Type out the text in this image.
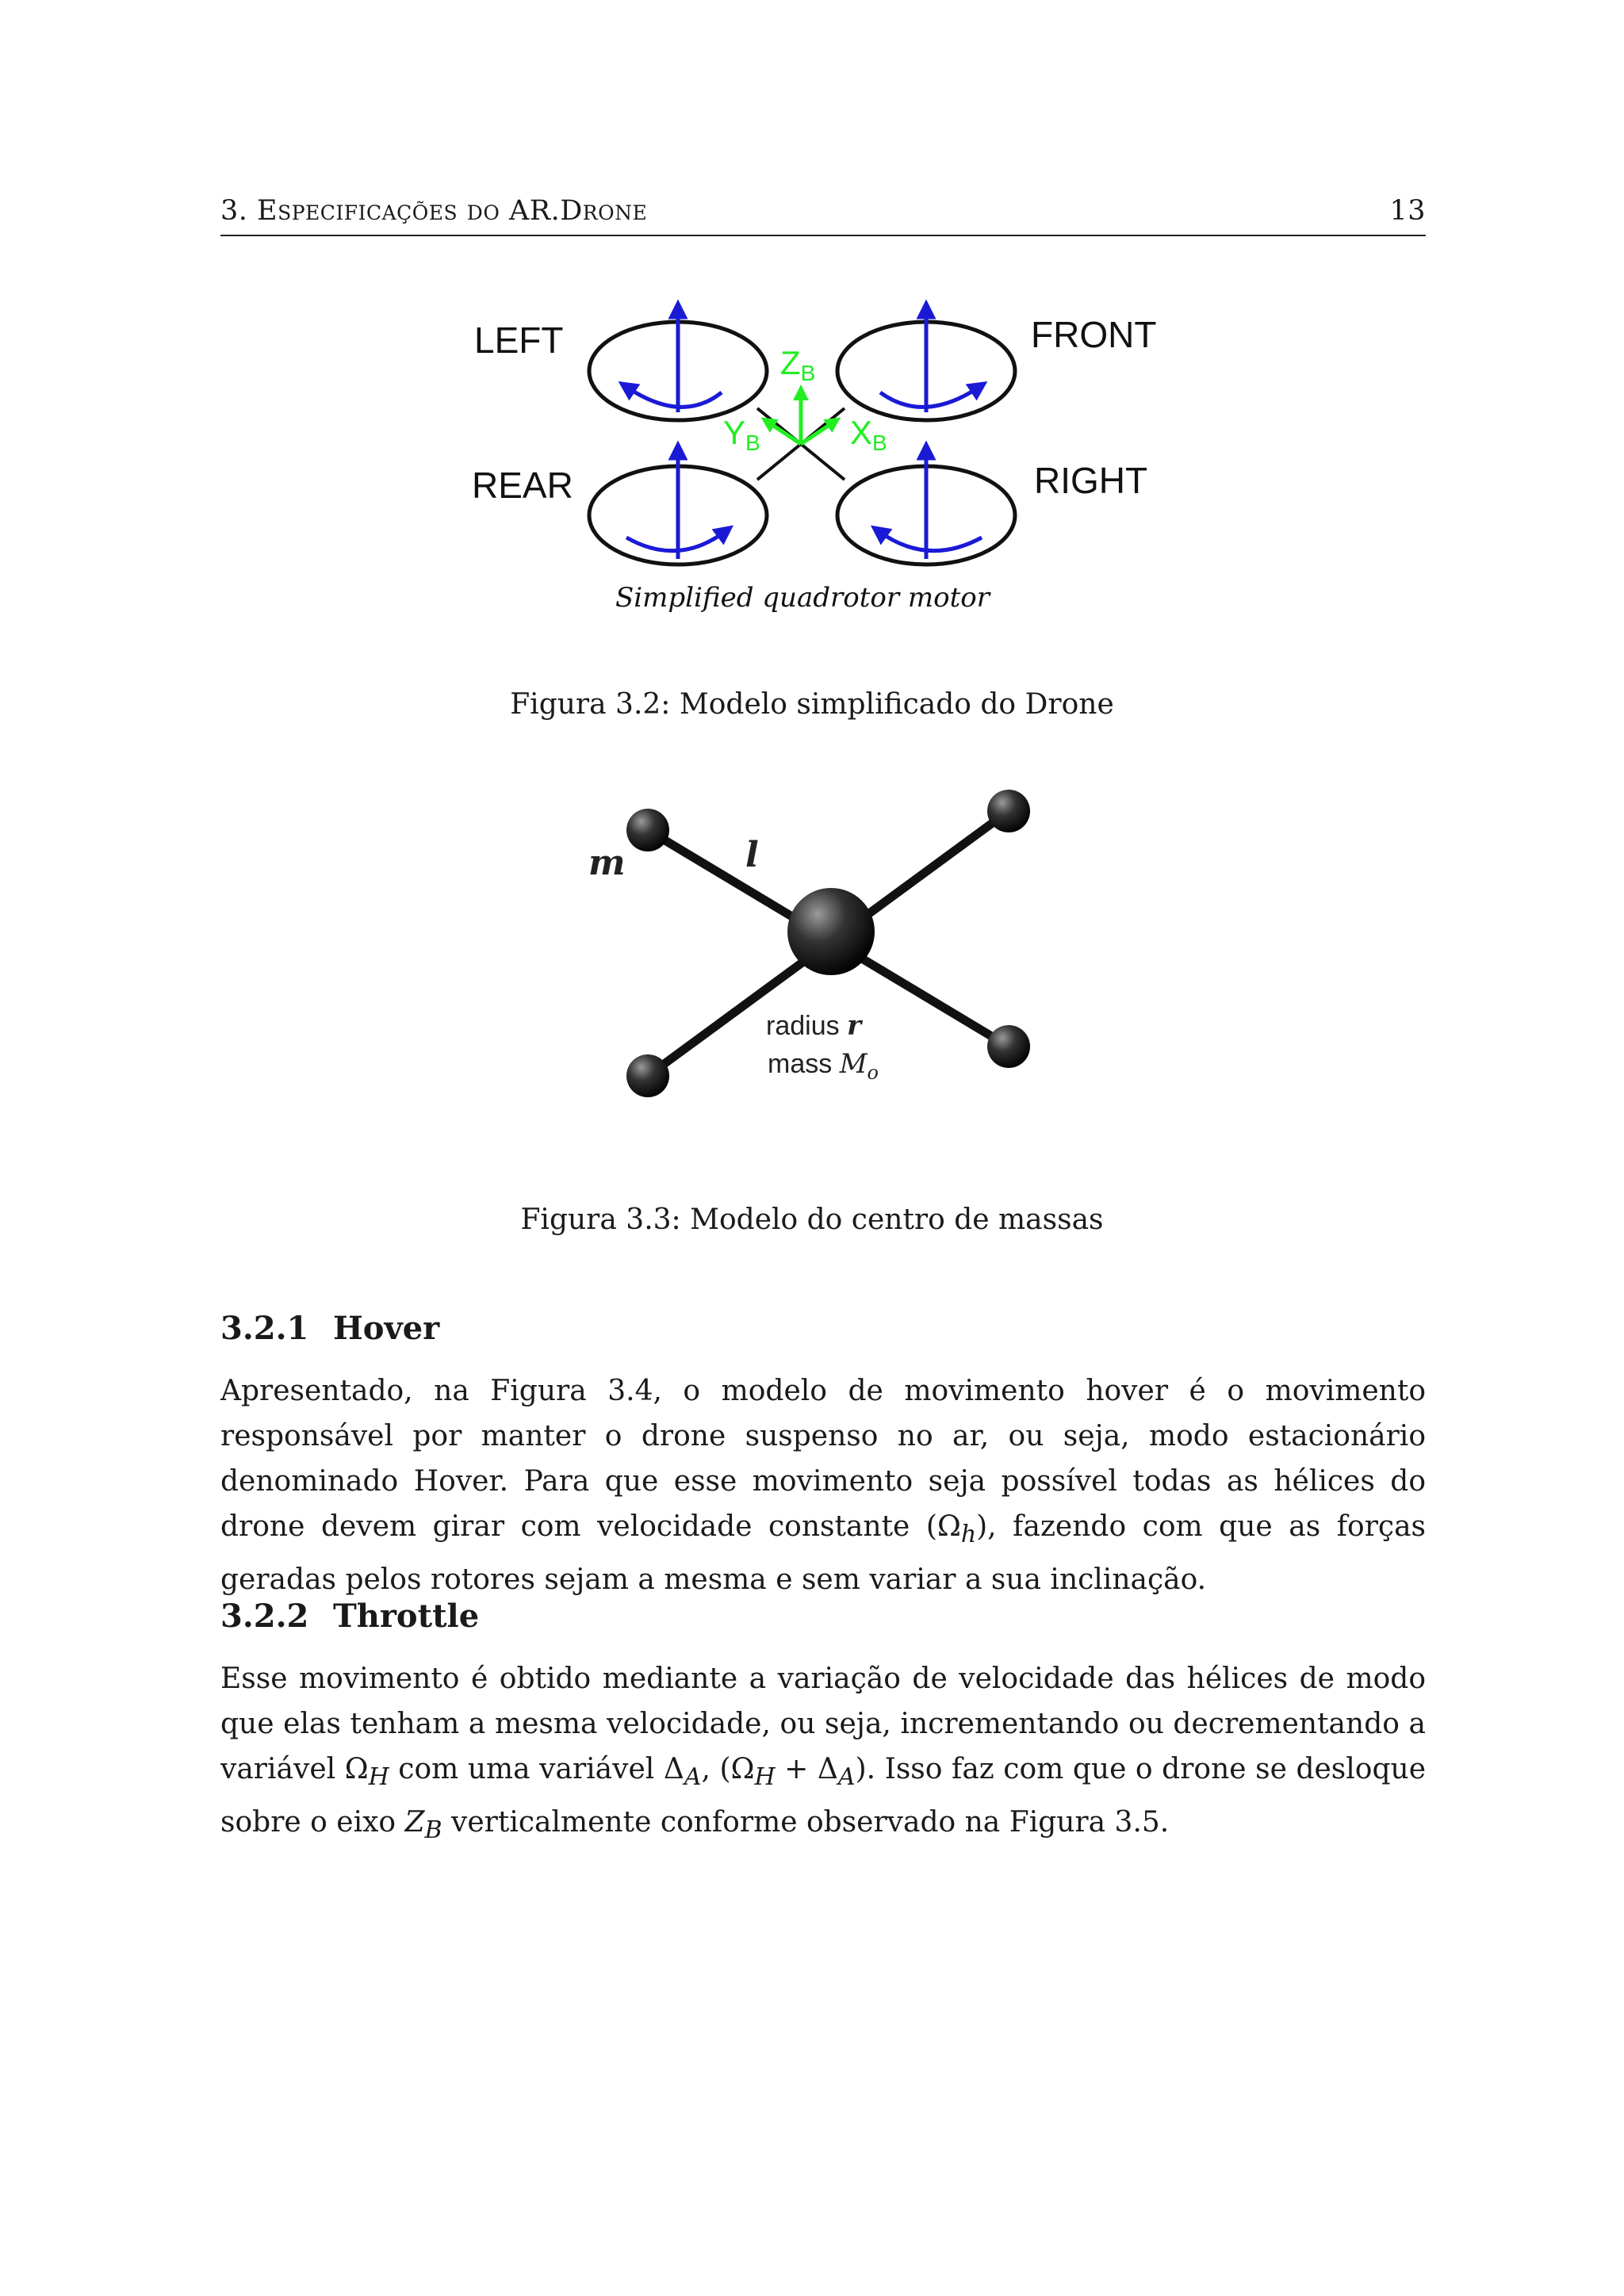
3. Especificações do AR.Drone	13
LEFT	FRONT
REAR	RIGHT
ZB
YB	XB
Simplified quadrotor motor
Figura 3.2: Modelo simplificado do Drone
m	l
radius r
mass $M_o$
Figura 3.3: Modelo do centro de massas
3.2.1 Hover

Apresentado, na Figura 3.4, o modelo de movimento hover é o movimento responsável por manter o drone suspenso no ar, ou seja, modo estacionário denominado Hover. Para que esse movimento seja possível todas as hélices do drone devem girar com velocidade constante $(\Omega_h)$, fazendo com que as forças geradas pelos rotores sejam a mesma e sem variar a sua inclinação.

3.2.2 Throttle

Esse movimento é obtido mediante a variação de velocidade das hélices de modo que elas tenham a mesma velocidade, ou seja, incrementando ou decrementando a variável $\Omega_H$ com uma variável $\Delta_A$, $(\Omega_H + \Delta_A)$. Isso faz com que o drone se desloque sobre o eixo $Z_B$ verticalmente conforme observado na Figura 3.5.
